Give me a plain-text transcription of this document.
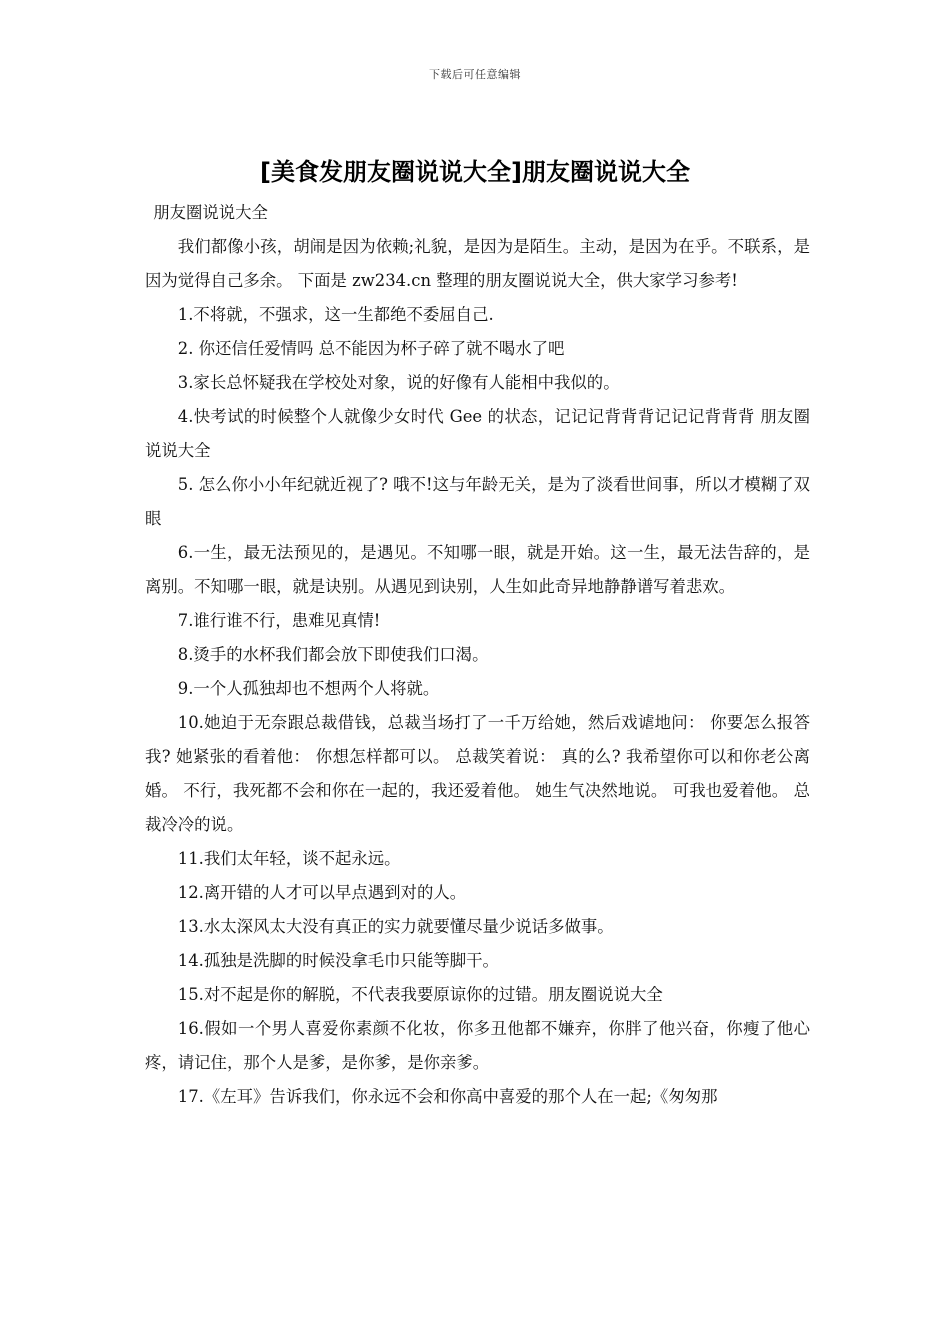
下载后可任意编辑
[美食发朋友圈说说大全]朋友圈说说大全

朋友圈说说大全

我们都像小孩，胡闹是因为依赖;礼貌，是因为是陌生。主动，是因为在乎。不联系，是因为觉得自己多余。 下面是 zw234.cn 整理的朋友圈说说大全，供大家学习参考!

1.不将就，不强求，这一生都绝不委屈自己.

2. 你还信任爱情吗 总不能因为杯子碎了就不喝水了吧

3.家长总怀疑我在学校处对象，说的好像有人能相中我似的。

4.快考试的时候整个人就像少女时代 Gee 的状态，记记记背背背记记记背背背 朋友圈说说大全

5. 怎么你小小年纪就近视了? 哦不!这与年龄无关，是为了淡看世间事，所以才模糊了双眼

6.一生，最无法预见的，是遇见。不知哪一眼，就是开始。这一生，最无法告辞的，是离别。不知哪一眼，就是诀别。从遇见到诀别，人生如此奇异地静静谱写着悲欢。

7.谁行谁不行，患难见真情!

8.烫手的水杯我们都会放下即使我们口渴。

9.一个人孤独却也不想两个人将就。

10.她迫于无奈跟总裁借钱，总裁当场打了一千万给她，然后戏谑地问： 你要怎么报答我? 她紧张的看着他： 你想怎样都可以。 总裁笑着说： 真的么? 我希望你可以和你老公离婚。 不行，我死都不会和你在一起的，我还爱着他。 她生气决然地说。 可我也爱着他。 总裁冷冷的说。

11.我们太年轻，谈不起永远。

12.离开错的人才可以早点遇到对的人。

13.水太深风太大没有真正的实力就要懂尽量少说话多做事。

14.孤独是洗脚的时候没拿毛巾只能等脚干。

15.对不起是你的解脱，不代表我要原谅你的过错。朋友圈说说大全

16.假如一个男人喜爱你素颜不化妆，你多丑他都不嫌弃，你胖了他兴奋，你瘦了他心疼，请记住，那个人是爹，是你爹，是你亲爹。

17.《左耳》告诉我们，你永远不会和你高中喜爱的那个人在一起;《匆匆那
